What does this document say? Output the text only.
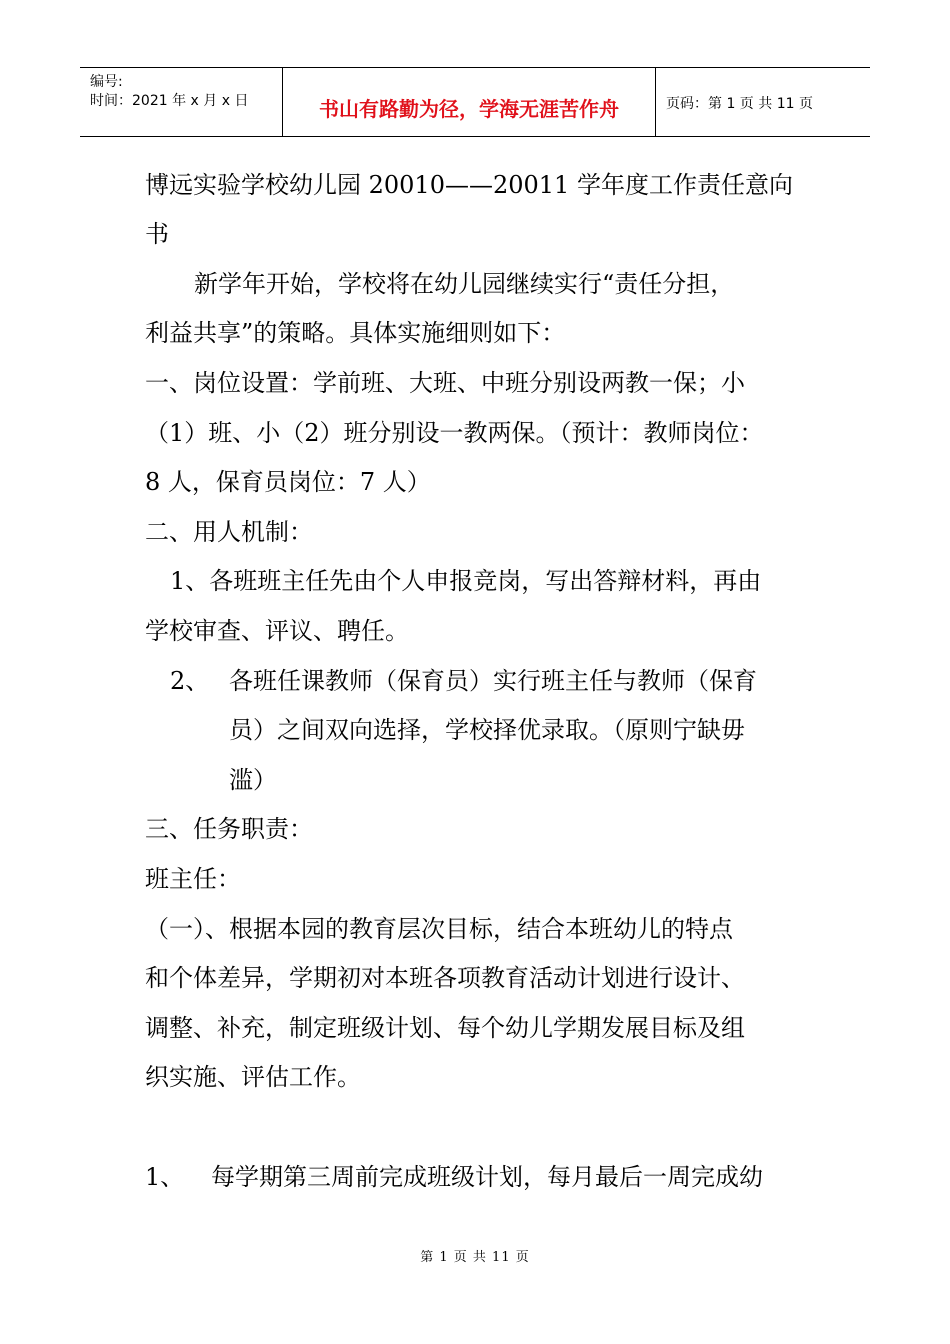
编号:
时间：2021 年 x 月 x 日	书山有路勤为径，学海无涯苦作舟	页码：第 1 页 共 11 页
博远实验学校幼儿园 20010——20011 学年度工作责任意向
书
新学年开始，学校将在幼儿园继续实行“责任分担，
利益共享”的策略。具体实施细则如下：
一、岗位设置：学前班、大班、中班分别设两教一保；小
（1）班、小（2）班分别设一教两保。（预计：教师岗位：
8 人，保育员岗位：7 人）
二、用人机制：
1、各班班主任先由个人申报竞岗，写出答辩材料，再由
学校审查、评议、聘任。
2、 各班任课教师（保育员）实行班主任与教师（保育
员）之间双向选择，学校择优录取。（原则宁缺毋
滥）
三、任务职责：
班主任：
（一）、根据本园的教育层次目标，结合本班幼儿的特点
和个体差异，学期初对本班各项教育活动计划进行设计、
调整、补充，制定班级计划、每个幼儿学期发展目标及组
织实施、评估工作。
1、 每学期第三周前完成班级计划，每月最后一周完成幼
第 1 页 共 11 页
